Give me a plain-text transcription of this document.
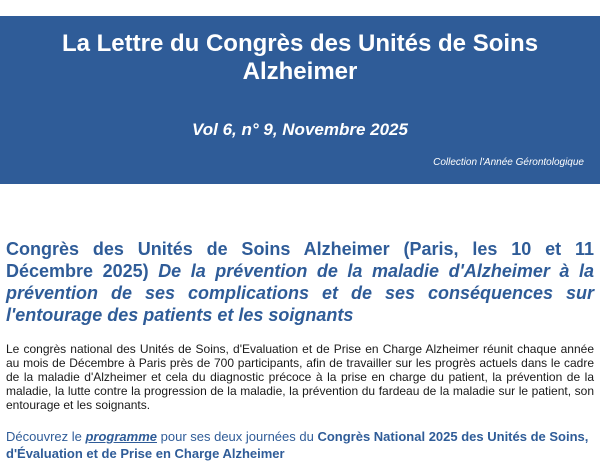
La Lettre du Congrès des Unités de Soins Alzheimer
Vol 6, n° 9, Novembre 2025
Collection l'Année Gérontologique
Congrès des Unités de Soins Alzheimer (Paris, les 10 et 11 Décembre 2025) De la prévention de la maladie d'Alzheimer à la prévention de ses complications et de ses conséquences sur l'entourage des patients et les soignants

Le congrès national des Unités de Soins, d'Evaluation et de Prise en Charge Alzheimer réunit chaque année au mois de Décembre à Paris près de 700 participants, afin de travailler sur les progrès actuels dans le cadre de la maladie d'Alzheimer et cela du diagnostic précoce à la prise en charge du patient, la prévention de la maladie, la lutte contre la progression de la maladie, la prévention du fardeau de la maladie sur le patient, son entourage et les soignants.

Découvrez le programme pour ses deux journées du Congrès National 2025 des Unités de Soins, d'Évaluation et de Prise en Charge Alzheimer
